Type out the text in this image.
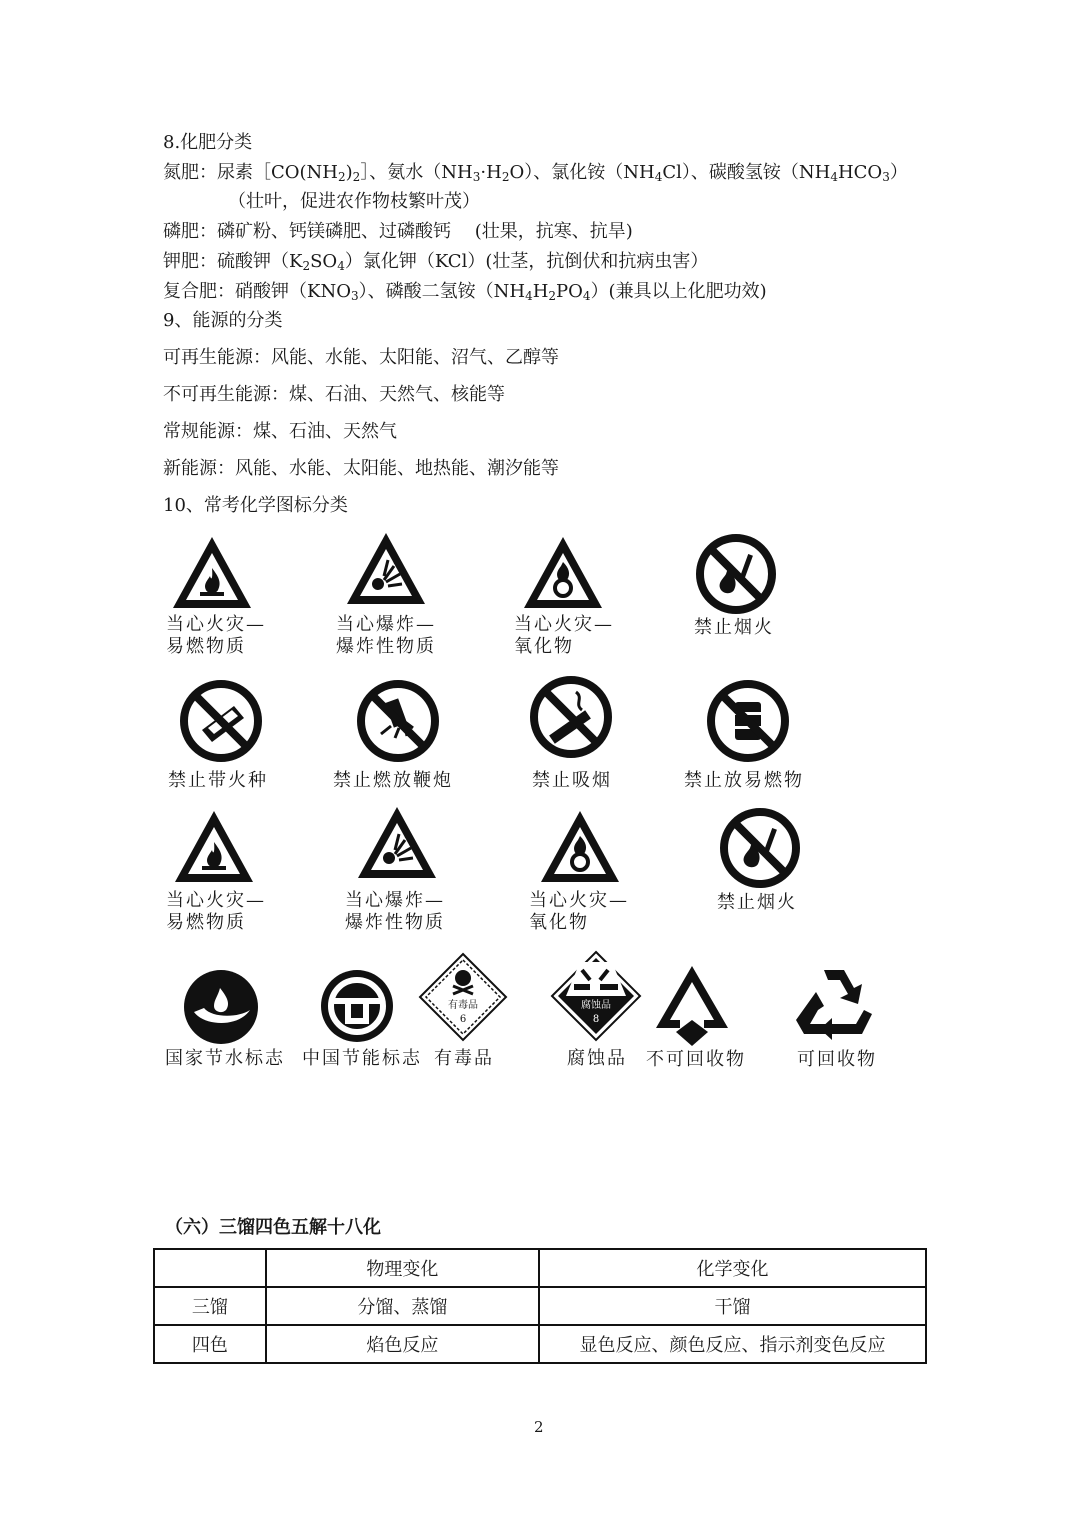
8.化肥分类
氮肥：尿素$[CO(NH_2)_2]$、氨水$(NH_3\cdot H_2O)$、氯化铵$(NH_4Cl)$、碳酸氢铵$(NH_4HCO_3)$
（壮叶，促进农作物枝繁叶茂）
磷肥：磷矿粉、钙镁磷肥、过磷酸钙　 (壮果，抗寒、抗旱)
钾肥：硫酸钾$(K_2SO_4)$氯化钾（KCl）(壮茎，抗倒伏和抗病虫害）
复合肥：硝酸钾$(KNO_3)$、磷酸二氢铵$(NH_4H_2PO_4)$(兼具以上化肥功效)
9、能源的分类
可再生能源：风能、水能、太阳能、沼气、乙醇等
不可再生能源：煤、石油、天然气、核能等
常规能源：煤、石油、天然气
新能源：风能、水能、太阳能、地热能、潮汐能等
10、常考化学图标分类
当心火灾—
易燃物质
当心爆炸—
爆炸性物质
当心火灾—
氧化物
禁止烟火
禁止带火种	禁止燃放鞭炮	禁止吸烟	禁止放易燃物
当心火灾—
易燃物质
当心爆炸—
爆炸性物质
当心火灾—
氧化物
禁止烟火
国家节水标志 中国节能标志
有毒品
6
有毒品
腐蚀品
8
腐蚀品 不可回收物	可回收物
（六）三馏四色五解十八化
	物理变化	化学变化
三馏	分馏、蒸馏	干馏
四色	焰色反应	显色反应、颜色反应、指示剂变色反应
2
